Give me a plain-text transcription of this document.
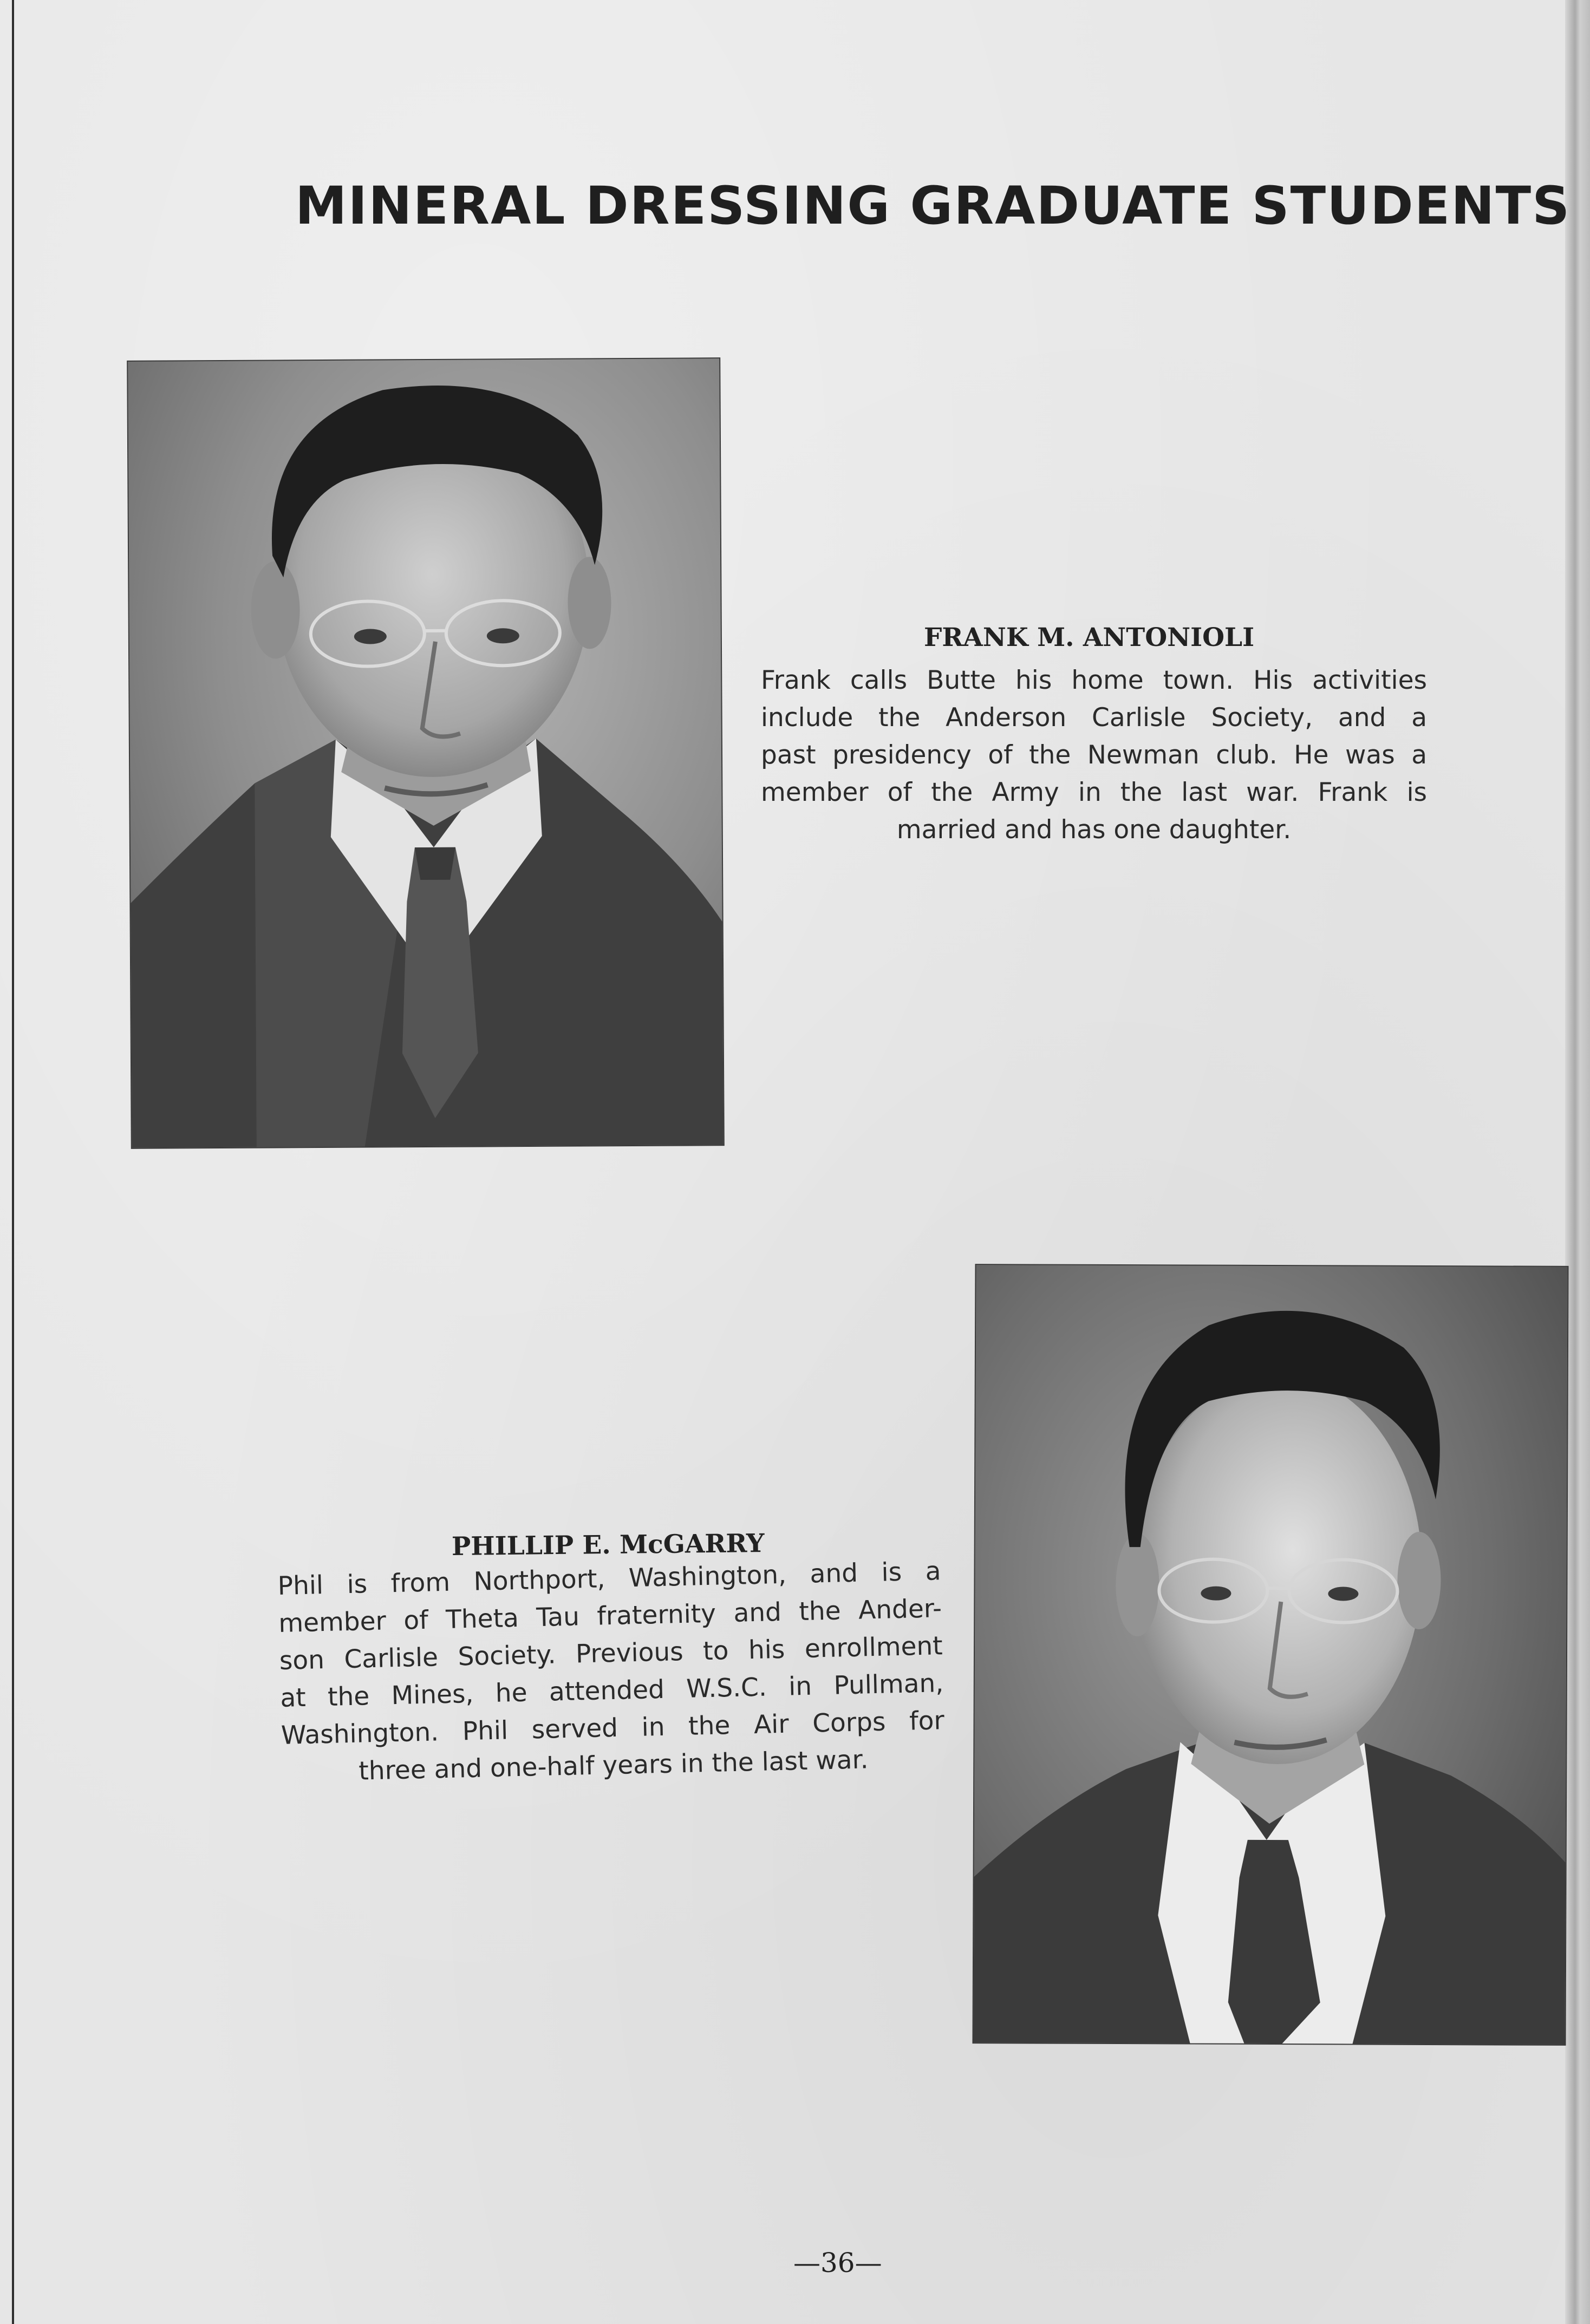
MINERAL DRESSING GRADUATE STUDENTS
FRANK M. ANTONIOLI
Frank calls Butte his home town. His activities
include the Anderson Carlisle Society, and a
past presidency of the Newman club. He was a
member of the Army in the last war. Frank is
married and has one daughter.
PHILLIP E. McGARRY
Phil is from Northport, Washington, and is a
member of Theta Tau fraternity and the Ander-
son Carlisle Society. Previous to his enrollment
at the Mines, he attended W.S.C. in Pullman,
Washington. Phil served in the Air Corps for
three and one-half years in the last war.
—36—
